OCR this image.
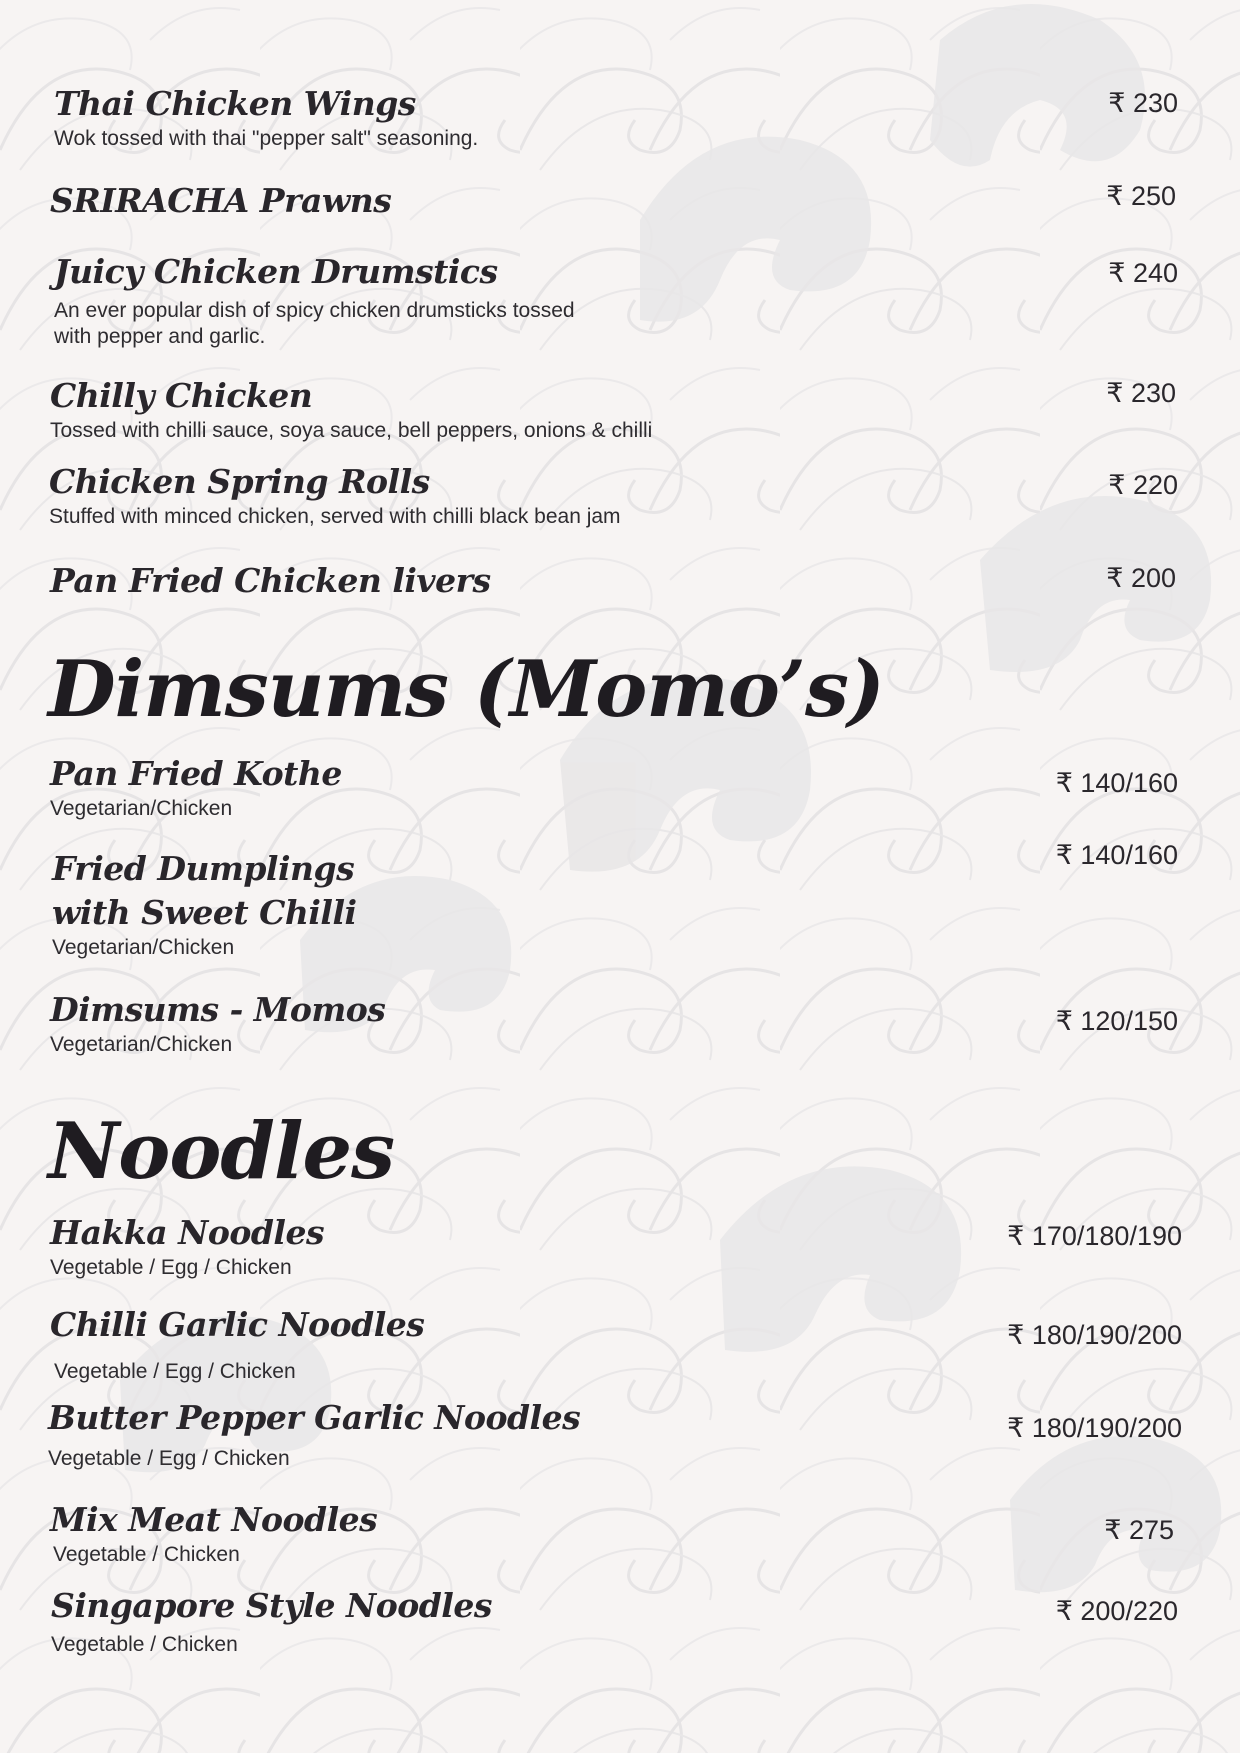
Thai Chicken Wings
Wok tossed with thai "pepper salt" seasoning.
₹ 230
SRIRACHA Prawns	₹ 250
Juicy Chicken Drumstics
An ever popular dish of spicy chicken drumsticks tossed with pepper and garlic.
₹ 240
Chilly Chicken
Tossed with chilli sauce, soya sauce, bell peppers, onions & chilli
₹ 230
Chicken Spring Rolls
Stuffed with minced chicken, served with chilli black bean jam
₹ 220
Pan Fried Chicken livers	₹ 200
Dimsums (Momo’s)
Pan Fried Kothe
Vegetarian/Chicken
₹ 140/160
Fried Dumplings with Sweet Chilli
Vegetarian/Chicken
₹ 140/160
Dimsums - Momos
Vegetarian/Chicken
₹ 120/150
Noodles
Hakka Noodles
Vegetable / Egg / Chicken
₹ 170/180/190
Chilli Garlic Noodles
Vegetable / Egg / Chicken
₹ 180/190/200
Butter Pepper Garlic Noodles
Vegetable / Egg / Chicken
₹ 180/190/200
Mix Meat Noodles
Vegetable / Chicken
₹ 275
Singapore Style Noodles
Vegetable / Chicken
₹ 200/220
